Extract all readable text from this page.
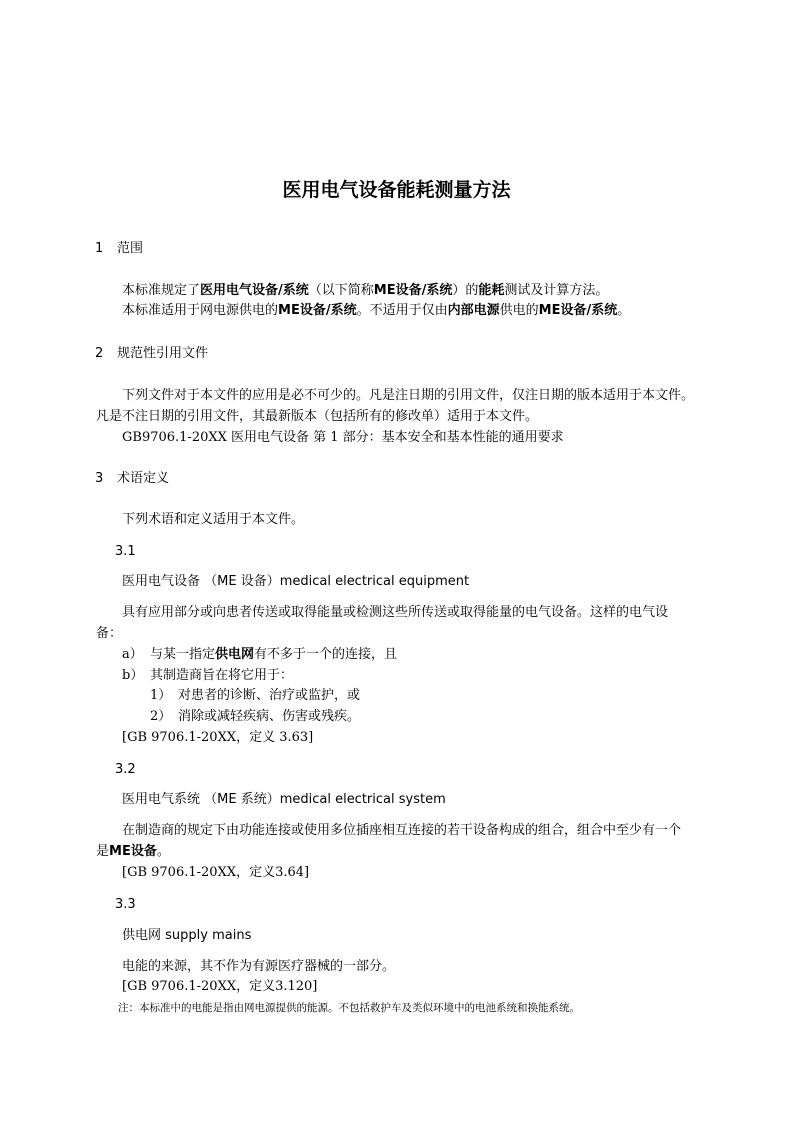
医用电气设备能耗测量方法
1 范围
本标准规定了医用电气设备/系统（以下简称ME设备/系统）的能耗测试及计算方法。
本标准适用于网电源供电的ME设备/系统。不适用于仅由内部电源供电的ME设备/系统。
2 规范性引用文件
下列文件对于本文件的应用是必不可少的。凡是注日期的引用文件，仅注日期的版本适用于本文件。
凡是不注日期的引用文件，其最新版本（包括所有的修改单）适用于本文件。
GB9706.1-20XX 医用电气设备 第 1 部分：基本安全和基本性能的通用要求
3 术语定义
下列术语和定义适用于本文件。
3.1
医用电气设备 （ME 设备）medical electrical equipment
具有应用部分或向患者传送或取得能量或检测这些所传送或取得能量的电气设备。这样的电气设
备：
a） 与某一指定供电网有不多于一个的连接，且
b） 其制造商旨在将它用于：
1） 对患者的诊断、治疗或监护，或
2） 消除或减轻疾病、伤害或残疾。
[GB 9706.1-20XX，定义 3.63]
3.2
医用电气系统 （ME 系统）medical electrical system
在制造商的规定下由功能连接或使用多位插座相互连接的若干设备构成的组合，组合中至少有一个
是ME设备。
[GB 9706.1-20XX，定义3.64]
3.3
供电网 supply mains
电能的来源，其不作为有源医疗器械的一部分。
[GB 9706.1-20XX，定义3.120]
注：本标准中的电能是指由网电源提供的能源。不包括救护车及类似环境中的电池系统和换能系统。
